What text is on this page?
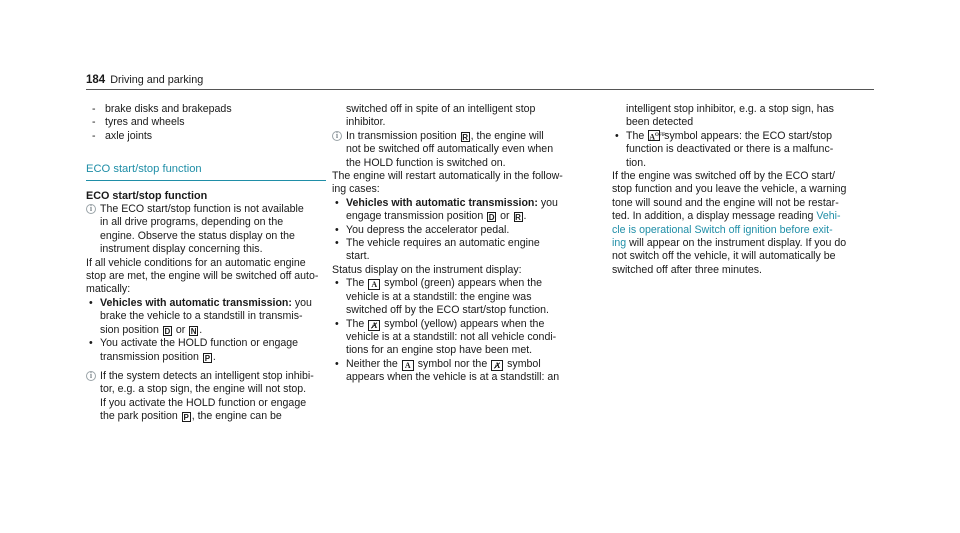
184 Driving and parking

- brake disks and brakepads

- tyres and wheels

- axle joints

ECO start/stop function

ECO start/stop function

i The ECO start/stop function is not available

in all drive programs, depending on the

engine. Observe the status display on the

instrument display concerning this.

If all vehicle conditions for an automatic engine

stop are met, the engine will be switched off auto-

matically:

• Vehicles with automatic transmission: you

brake the vehicle to a standstill in transmis-

sion position D or N .

• You activate the HOLD function or engage

transmission position P .

i If the system detects an intelligent stop inhibi-

tor, e.g. a stop sign, the engine will not stop.

If you activate the HOLD function or engage

the park position P , the engine can be

switched off in spite of an intelligent stop

inhibitor.

i In transmission position R , the engine will

not be switched off automatically even when

the HOLD function is switched on.

The engine will restart automatically in the follow-

ing cases:

• Vehicles with automatic transmission: you

engage transmission position D or R .

• You depress the accelerator pedal.

• The vehicle requires an automatic engine

start.

Status display on the instrument display:

• The A symbol (green) appears when the

vehicle is at a standstill: the engine was

switched off by the ECO start/stop function.

• The A symbol (yellow) appears when the

vehicle is at a standstill: not all vehicle condi-

tions for an engine stop have been met.

• Neither the A symbol nor the A symbol

appears when the vehicle is at a standstill: an

intelligent stop inhibitor, e.g. a stop sign, has

been detected

• The $A^{OFF}$ symbol appears: the ECO start/stop

function is deactivated or there is a malfunc-

tion.

If the engine was switched off by the ECO start/

stop function and you leave the vehicle, a warning

tone will sound and the engine will not be restar-

ted. In addition, a display message reading Vehi-

cle is operational Switch off ignition before exit-

ing will appear on the instrument display. If you do

not switch off the vehicle, it will automatically be

switched off after three minutes.
